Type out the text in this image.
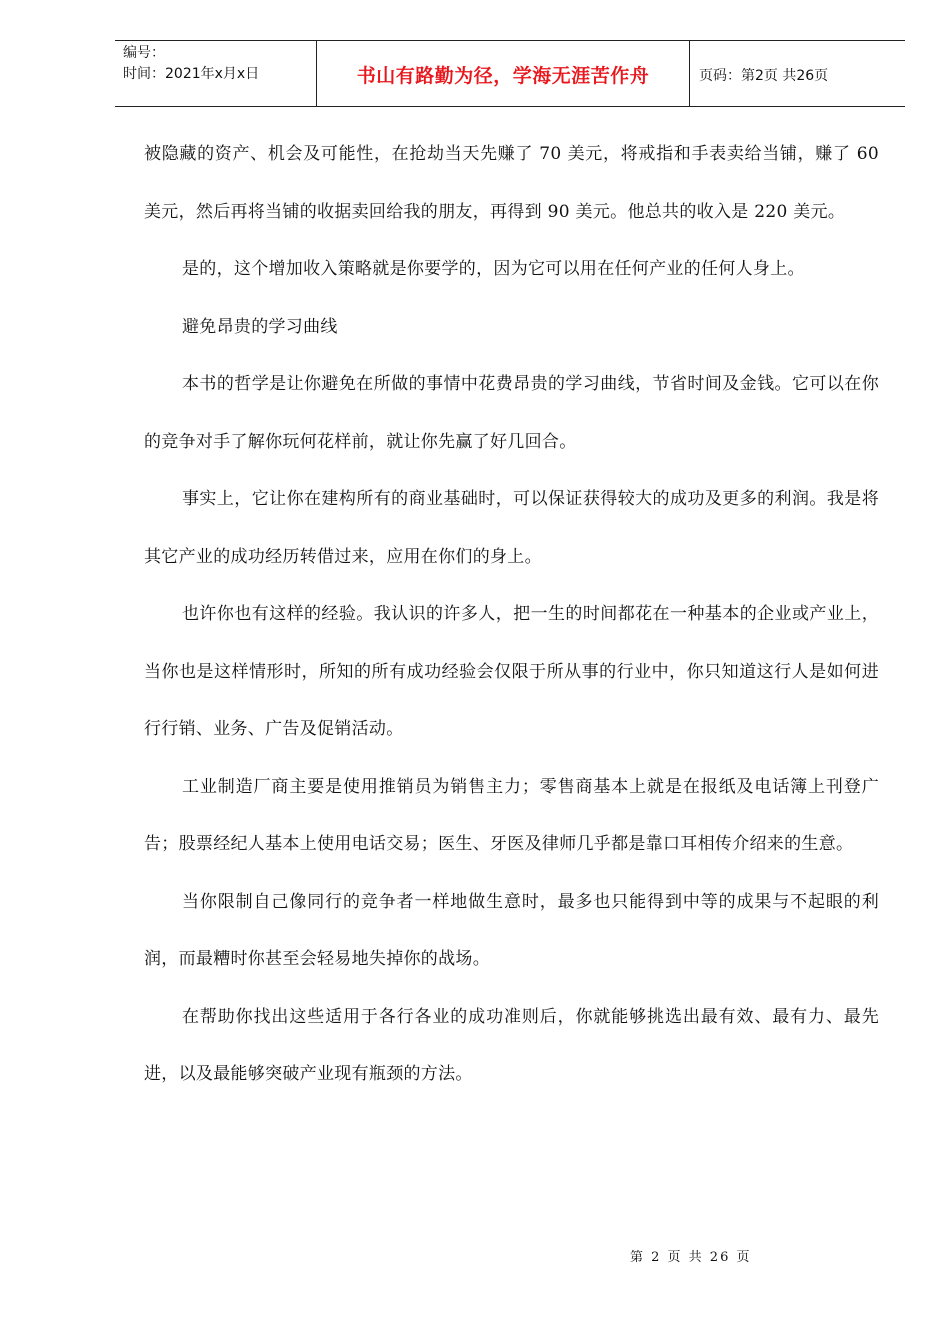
编号：
时间：2021年x月x日	书山有路勤为径，学海无涯苦作舟	页码：第2页 共26页

被隐藏的资产、机会及可能性，在抢劫当天先赚了 70 美元，将戒指和手表卖给当铺，赚了 60 美元，然后再将当铺的收据卖回给我的朋友，再得到 90 美元。他总共的收入是 220 美元。

是的，这个增加收入策略就是你要学的，因为它可以用在任何产业的任何人身上。

避免昂贵的学习曲线

本书的哲学是让你避免在所做的事情中花费昂贵的学习曲线，节省时间及金钱。它可以在你的竞争对手了解你玩何花样前，就让你先赢了好几回合。

事实上，它让你在建构所有的商业基础时，可以保证获得较大的成功及更多的利润。我是将其它产业的成功经历转借过来，应用在你们的身上。

也许你也有这样的经验。我认识的许多人，把一生的时间都花在一种基本的企业或产业上，当你也是这样情形时，所知的所有成功经验会仅限于所从事的行业中，你只知道这行人是如何进行行销、业务、广告及促销活动。

工业制造厂商主要是使用推销员为销售主力；零售商基本上就是在报纸及电话簿上刊登广告；股票经纪人基本上使用电话交易；医生、牙医及律师几乎都是靠口耳相传介绍来的生意。

当你限制自己像同行的竞争者一样地做生意时，最多也只能得到中等的成果与不起眼的利润，而最糟时你甚至会轻易地失掉你的战场。

在帮助你找出这些适用于各行各业的成功准则后，你就能够挑选出最有效、最有力、最先进，以及最能够突破产业现有瓶颈的方法。

第 2 页 共 26 页
